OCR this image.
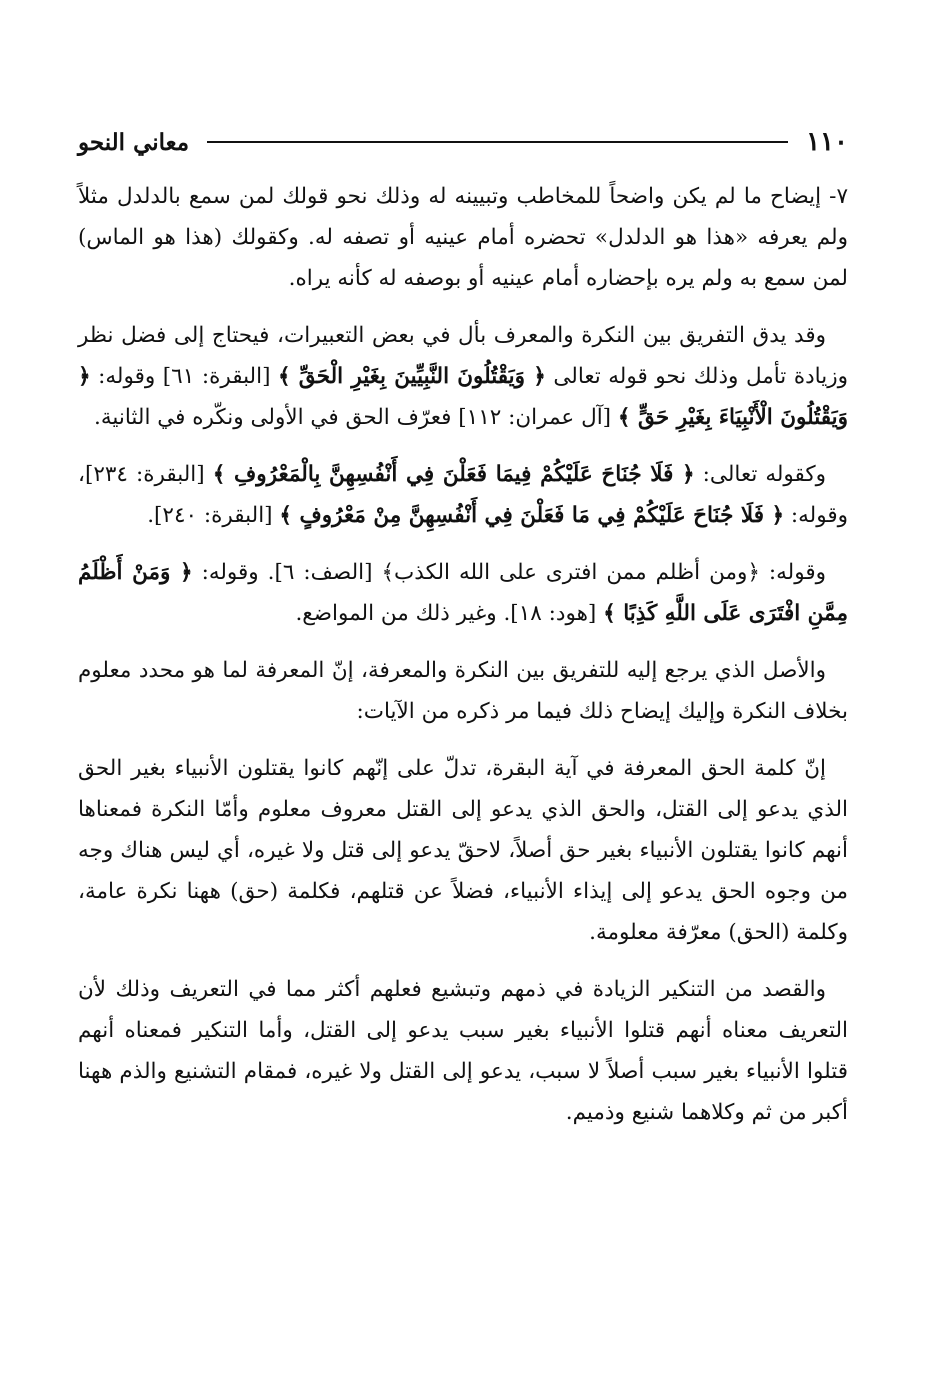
١١٠
معاني النحو

٧- إيضاح ما لم يكن واضحاً للمخاطب وتبيينه له وذلك نحو قولك لمن سمع بالدلدل مثلاً ولم يعرفه «هذا هو الدلدل» تحضره أمام عينيه أو تصفه له. وكقولك (هذا هو الماس) لمن سمع به ولم يره بإحضاره أمام عينيه أو بوصفه له كأنه يراه.

وقد يدق التفريق بين النكرة والمعرف بأل في بعض التعبيرات، فيحتاج إلى فضل نظر وزيادة تأمل وذلك نحو قوله تعالى ﴿ وَيَقْتُلُونَ النَّبِيِّينَ بِغَيْرِ الْحَقِّ ﴾ [البقرة: ٦١] وقوله: ﴿ وَيَقْتُلُونَ الْأَنْبِيَاءَ بِغَيْرِ حَقٍّ ﴾ [آل عمران: ١١٢] فعرّف الحق في الأولى ونكّره في الثانية.

وكقوله تعالى: ﴿ فَلَا جُنَاحَ عَلَيْكُمْ فِيمَا فَعَلْنَ فِي أَنْفُسِهِنَّ بِالْمَعْرُوفِ ﴾ [البقرة: ٢٣٤]، وقوله: ﴿ فَلَا جُنَاحَ عَلَيْكُمْ فِي مَا فَعَلْنَ فِي أَنْفُسِهِنَّ مِنْ مَعْرُوفٍ ﴾ [البقرة: ٢٤٠].

وقوله: ﴿ومن أظلم ممن افترى على الله الكذب﴾ [الصف: ٦]. وقوله: ﴿ وَمَنْ أَظْلَمُ مِمَّنِ افْتَرَى عَلَى اللَّهِ كَذِبًا ﴾ [هود: ١٨]. وغير ذلك من المواضع.

والأصل الذي يرجع إليه للتفريق بين النكرة والمعرفة، إنّ المعرفة لما هو محدد معلوم بخلاف النكرة وإليك إيضاح ذلك فيما مر ذكره من الآيات:

إنّ كلمة الحق المعرفة في آية البقرة، تدلّ على إنّهم كانوا يقتلون الأنبياء بغير الحق الذي يدعو إلى القتل، والحق الذي يدعو إلى القتل معروف معلوم وأمّا النكرة فمعناها أنهم كانوا يقتلون الأنبياء بغير حق أصلاً، لاحقّ يدعو إلى قتل ولا غيره، أي ليس هناك وجه من وجوه الحق يدعو إلى إيذاء الأنبياء، فضلاً عن قتلهم، فكلمة (حق) ههنا نكرة عامة، وكلمة (الحق) معرّفة معلومة.

والقصد من التنكير الزيادة في ذمهم وتبشيع فعلهم أكثر مما في التعريف وذلك لأن التعريف معناه أنهم قتلوا الأنبياء بغير سبب يدعو إلى القتل، وأما التنكير فمعناه أنهم قتلوا الأنبياء بغير سبب أصلاً لا سبب، يدعو إلى القتل ولا غيره، فمقام التشنيع والذم ههنا أكبر من ثم وكلاهما شنيع وذميم.
